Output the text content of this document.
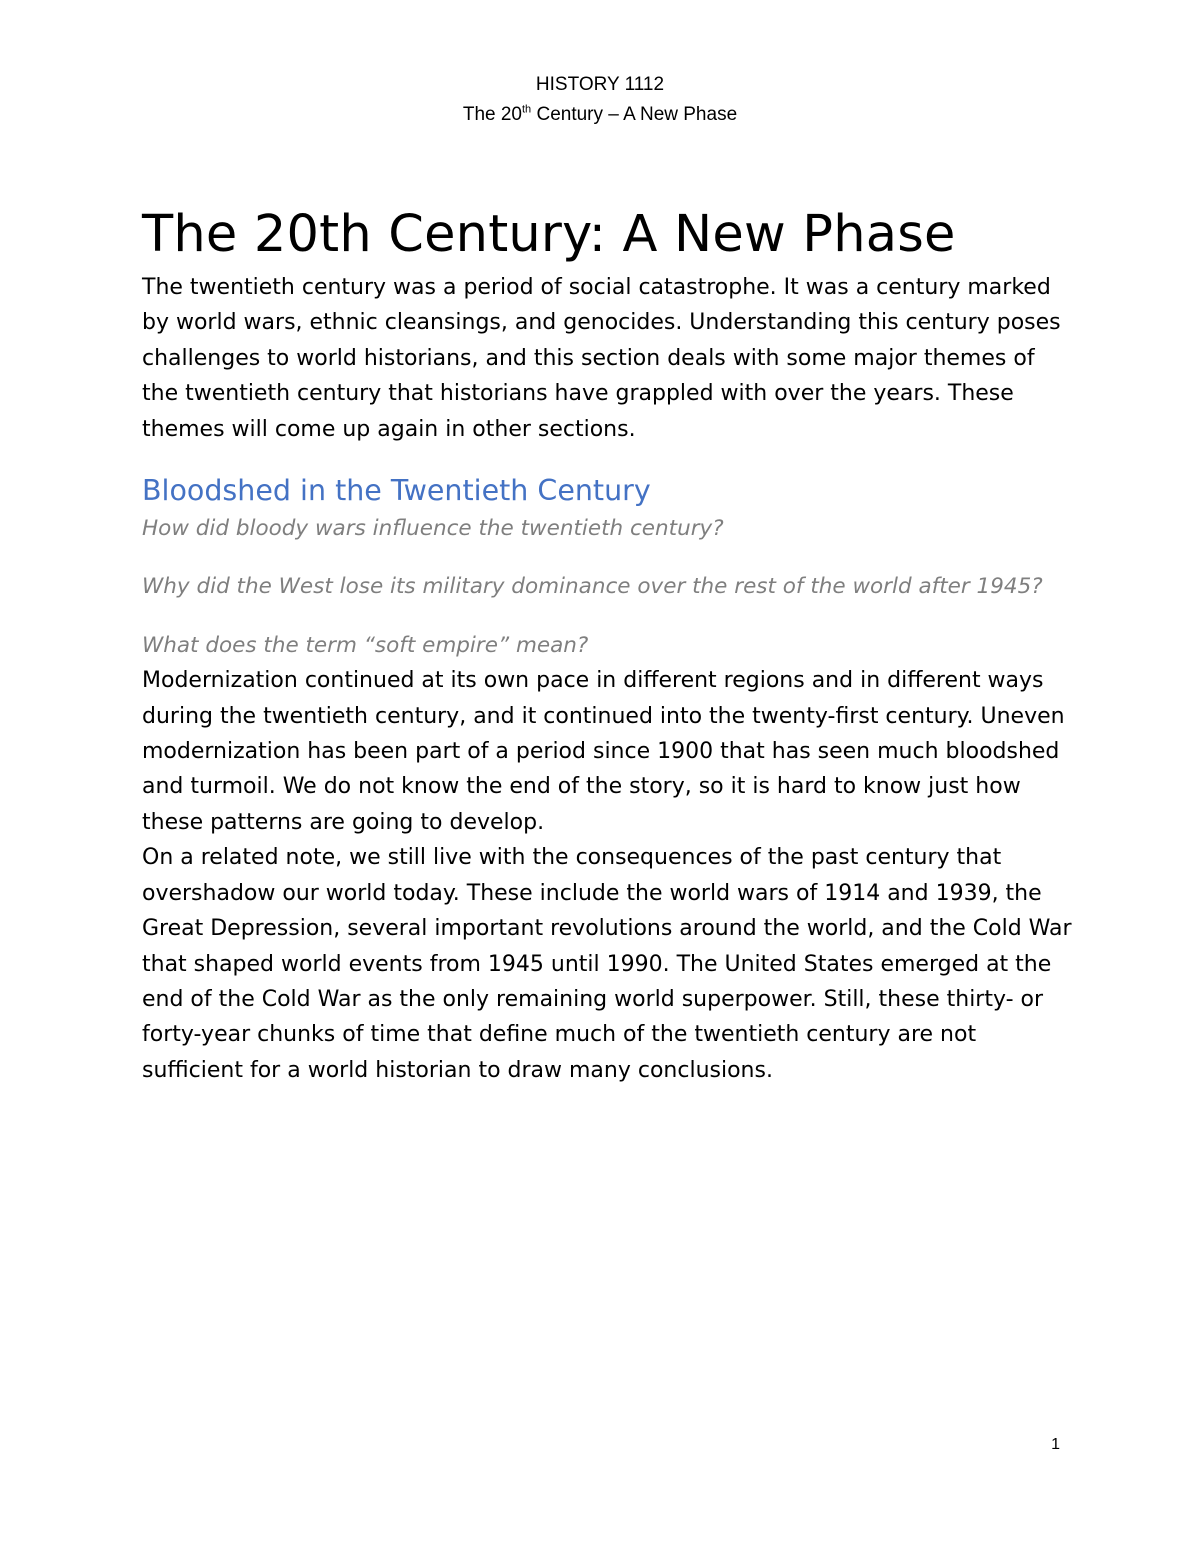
HISTORY 1112
The 20th Century – A New Phase
The 20th Century: A New Phase

The twentieth century was a period of social catastrophe. It was a century marked by world wars, ethnic cleansings, and genocides. Understanding this century poses challenges to world historians, and this section deals with some major themes of the twentieth century that historians have grappled with over the years. These themes will come up again in other sections.

Bloodshed in the Twentieth Century

How did bloody wars influence the twentieth century?

Why did the West lose its military dominance over the rest of the world after 1945?

What does the term “soft empire” mean?

Modernization continued at its own pace in different regions and in different ways during the twentieth century, and it continued into the twenty-first century. Uneven modernization has been part of a period since 1900 that has seen much bloodshed and turmoil. We do not know the end of the story, so it is hard to know just how these patterns are going to develop.

On a related note, we still live with the consequences of the past century that overshadow our world today. These include the world wars of 1914 and 1939, the Great Depression, several important revolutions around the world, and the Cold War that shaped world events from 1945 until 1990. The United States emerged at the end of the Cold War as the only remaining world superpower. Still, these thirty- or forty-year chunks of time that define much of the twentieth century are not sufficient for a world historian to draw many conclusions.

1
